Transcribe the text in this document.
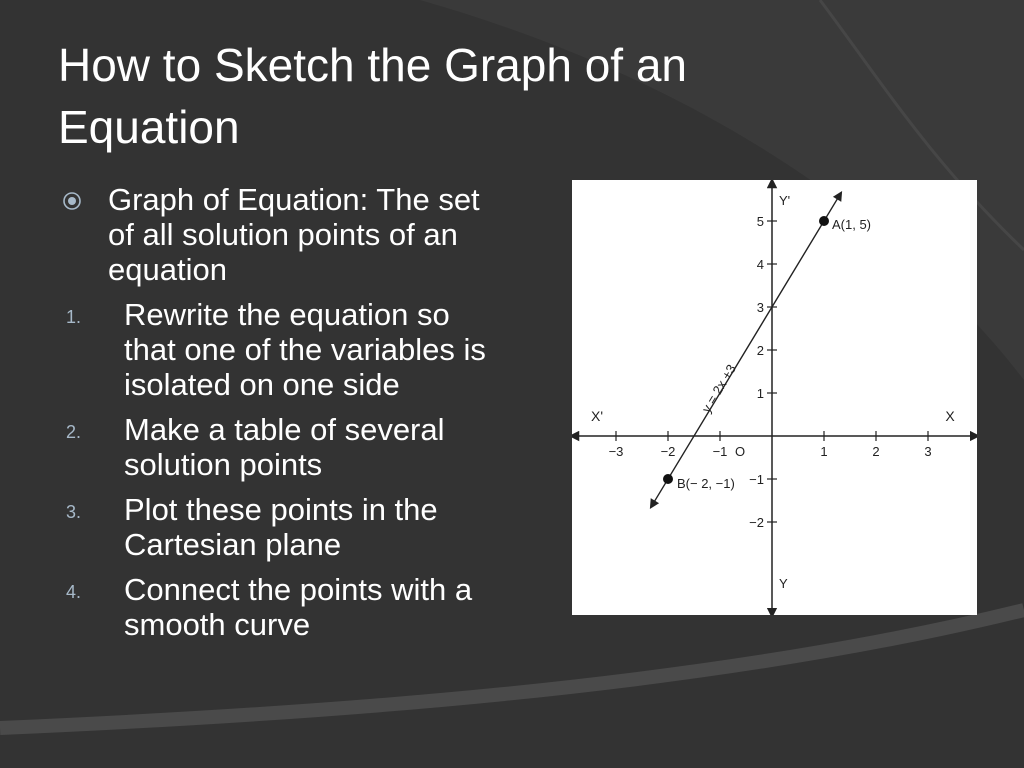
How to Sketch the Graph of an
Equation
Graph of Equation: The set
of all solution points of an
equation
1.	Rewrite the equation so
that one of the variables is
isolated on one side
2.	Make a table of several
solution points
3.	Plot these points in the
Cartesian plane
4.	Connect the points with a
smooth curve
−3	−2	−1	1	2	3
5
4
3
2
1
−1
−2
O
X
X'
Y'
Y
y = 2x +3
A(1, 5)
B(− 2, −1)
